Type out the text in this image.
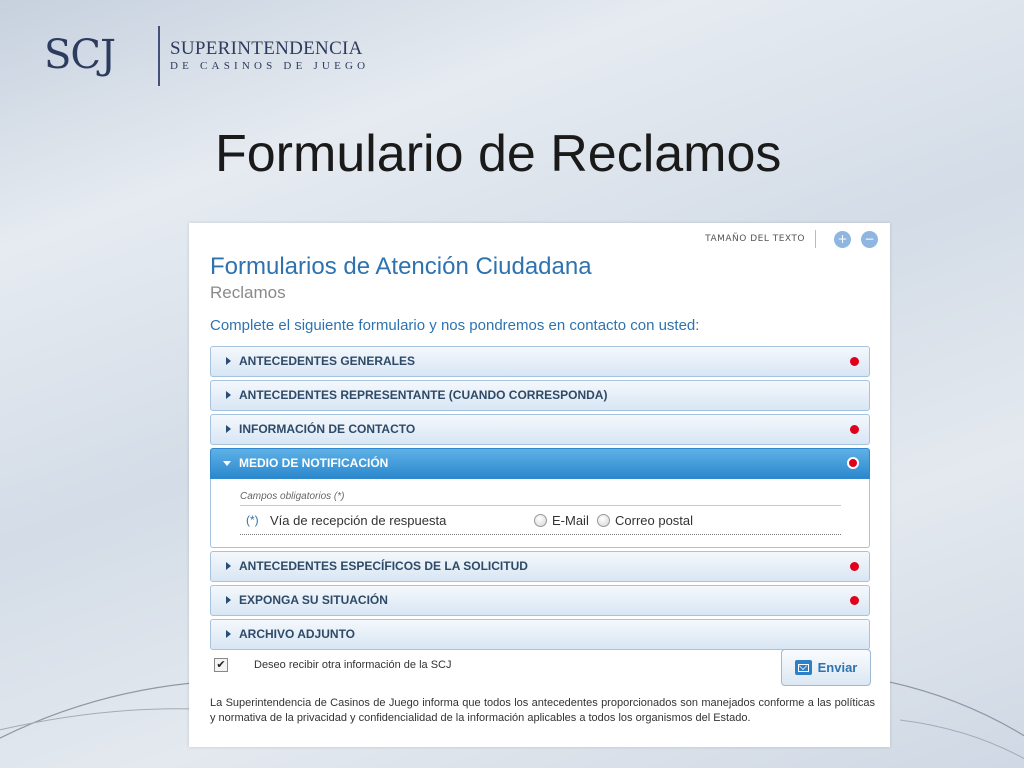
SCJ	SUPERINTENDENCIA
DE CASINOS DE JUEGO
Formulario de Reclamos
TAMAÑO DEL TEXTO	+ −
Formularios de Atención Ciudadana
Reclamos
Complete el siguiente formulario y nos pondremos en contacto con usted:
ANTECEDENTES GENERALES
ANTECEDENTES REPRESENTANTE (CUANDO CORRESPONDA)
INFORMACIÓN DE CONTACTO
MEDIO DE NOTIFICACIÓN
Campos obligatorios (*)
(*) Vía de recepción de respuesta	E-Mail Correo postal
ANTECEDENTES ESPECÍFICOS DE LA SOLICITUD
EXPONGA SU SITUACIÓN
ARCHIVO ADJUNTO
✔	Deseo recibir otra información de la SCJ	Enviar
La Superintendencia de Casinos de Juego informa que todos los antecedentes proporcionados son manejados conforme a las políticas y normativa de la privacidad y confidencialidad de la información aplicables a todos los organismos del Estado.
